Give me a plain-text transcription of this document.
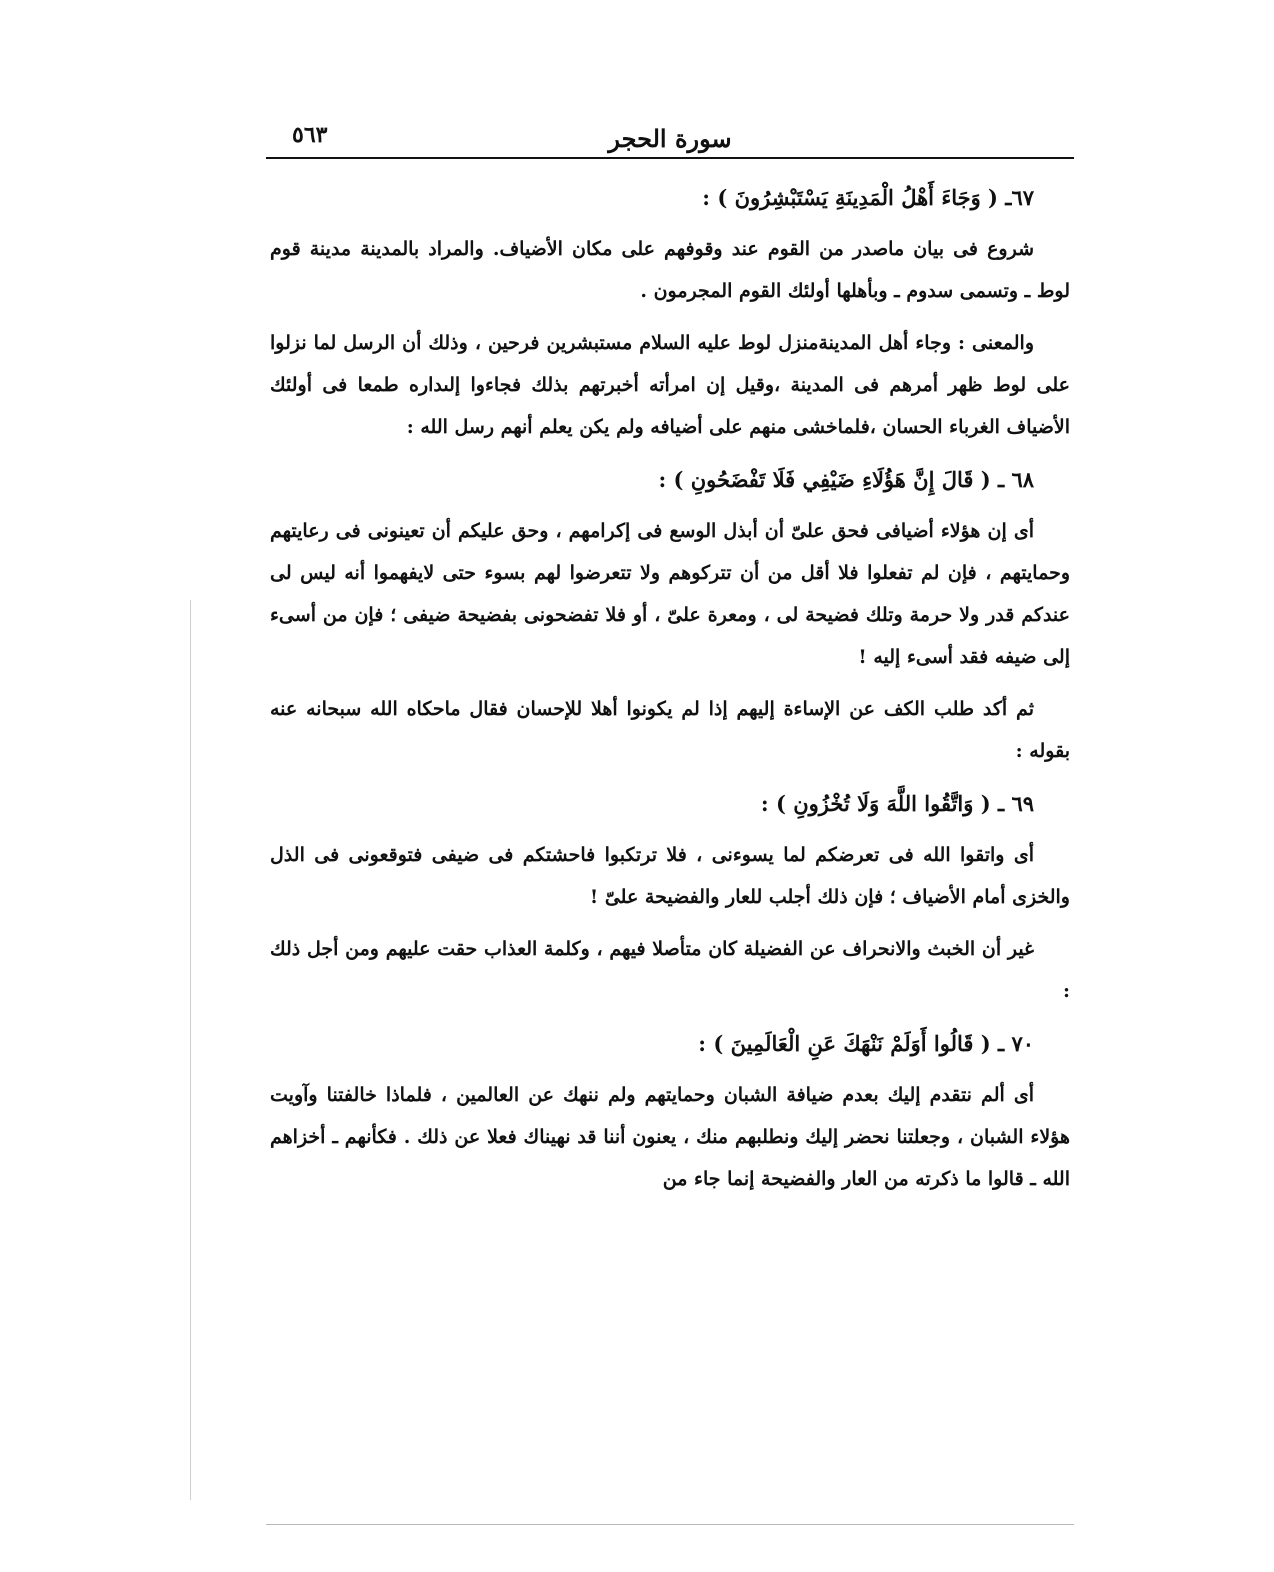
سورة الحجر
٥٦٣
٦٧ـ ( وَجَاءَ أَهْلُ الْمَدِينَةِ يَسْتَبْشِرُونَ ) :

شروع فى بيان ماصدر من القوم عند وقوفهم على مكان الأضياف. والمراد بالمدينة مدينة قوم لوط ـ وتسمى سدوم ـ وبأهلها أولئك القوم المجرمون .

والمعنى : وجاء أهل المدينةمنزل لوط عليه السلام مستبشرين فرحين ، وذلك أن الرسل لما نزلوا على لوط ظهر أمرهم فى المدينة ،وقيل إن امرأته أخبرتهم بذلك فجاءوا إلىداره طمعا فى أولئك الأضياف الغرباء الحسان ،فلماخشى منهم على أضيافه ولم يكن يعلم أنهم رسل الله :

٦٨ ـ ( قَالَ إِنَّ هَؤُلَاءِ ضَيْفِي فَلَا تَفْضَحُونِ ) :

أى إن هؤلاء أضيافى فحق علىّ أن أبذل الوسع فى إكرامهم ، وحق عليكم أن تعينونى فى رعايتهم وحمايتهم ، فإن لم تفعلوا فلا أقل من أن تتركوهم ولا تتعرضوا لهم بسوء حتى لايفهموا أنه ليس لى عندكم قدر ولا حرمة وتلك فضيحة لى ، ومعرة علىّ ، أو فلا تفضحونى بفضيحة ضيفى ؛ فإن من أسىء إلى ضيفه فقد أسىء إليه !

ثم أكد طلب الكف عن الإساءة إليهم إذا لم يكونوا أهلا للإحسان فقال ماحكاه الله سبحانه عنه بقوله :

٦٩ ـ ( وَاتَّقُوا اللَّهَ وَلَا تُخْزُونِ ) :

أى واتقوا الله فى تعرضكم لما يسوءنى ، فلا ترتكبوا فاحشتكم فى ضيفى فتوقعونى فى الذل والخزى أمام الأضياف ؛ فإن ذلك أجلب للعار والفضيحة علىّ !

غير أن الخبث والانحراف عن الفضيلة كان متأصلا فيهم ، وكلمة العذاب حقت عليهم ومن أجل ذلك :

٧٠ ـ ( قَالُوا أَوَلَمْ نَنْهَكَ عَنِ الْعَالَمِينَ ) :

أى ألم نتقدم إليك بعدم ضيافة الشبان وحمايتهم ولم ننهك عن العالمين ، فلماذا خالفتنا وآويت هؤلاء الشبان ، وجعلتنا نحضر إليك ونطلبهم منك ، يعنون أننا قد نهيناك فعلا عن ذلك . فكأنهم ـ أخزاهم الله ـ قالوا ما ذكرته من العار والفضيحة إنما جاء من
